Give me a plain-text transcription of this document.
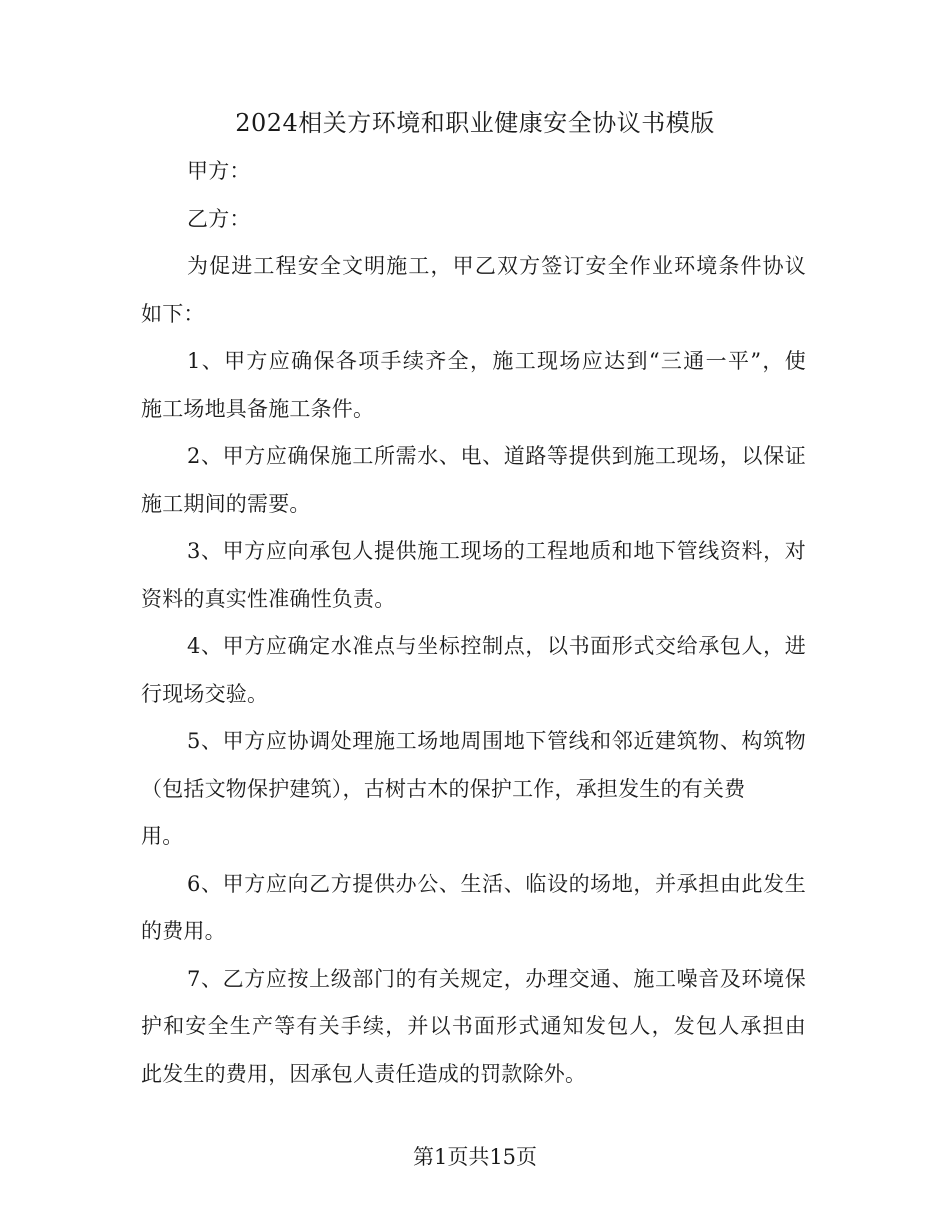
2024相关方环境和职业健康安全协议书模版
甲方：
乙方：
为促进工程安全文明施工，甲乙双方签订安全作业环境条件协议
如下：
1、甲方应确保各项手续齐全，施工现场应达到“三通一平”，使
施工场地具备施工条件。
2、甲方应确保施工所需水、电、道路等提供到施工现场，以保证
施工期间的需要。
3、甲方应向承包人提供施工现场的工程地质和地下管线资料，对
资料的真实性准确性负责。
4、甲方应确定水准点与坐标控制点，以书面形式交给承包人，进
行现场交验。
5、甲方应协调处理施工场地周围地下管线和邻近建筑物、构筑物
（包括文物保护建筑），古树古木的保护工作，承担发生的有关费
用。
6、甲方应向乙方提供办公、生活、临设的场地，并承担由此发生
的费用。
7、乙方应按上级部门的有关规定，办理交通、施工噪音及环境保
护和安全生产等有关手续，并以书面形式通知发包人，发包人承担由
此发生的费用，因承包人责任造成的罚款除外。
第1页共15页
